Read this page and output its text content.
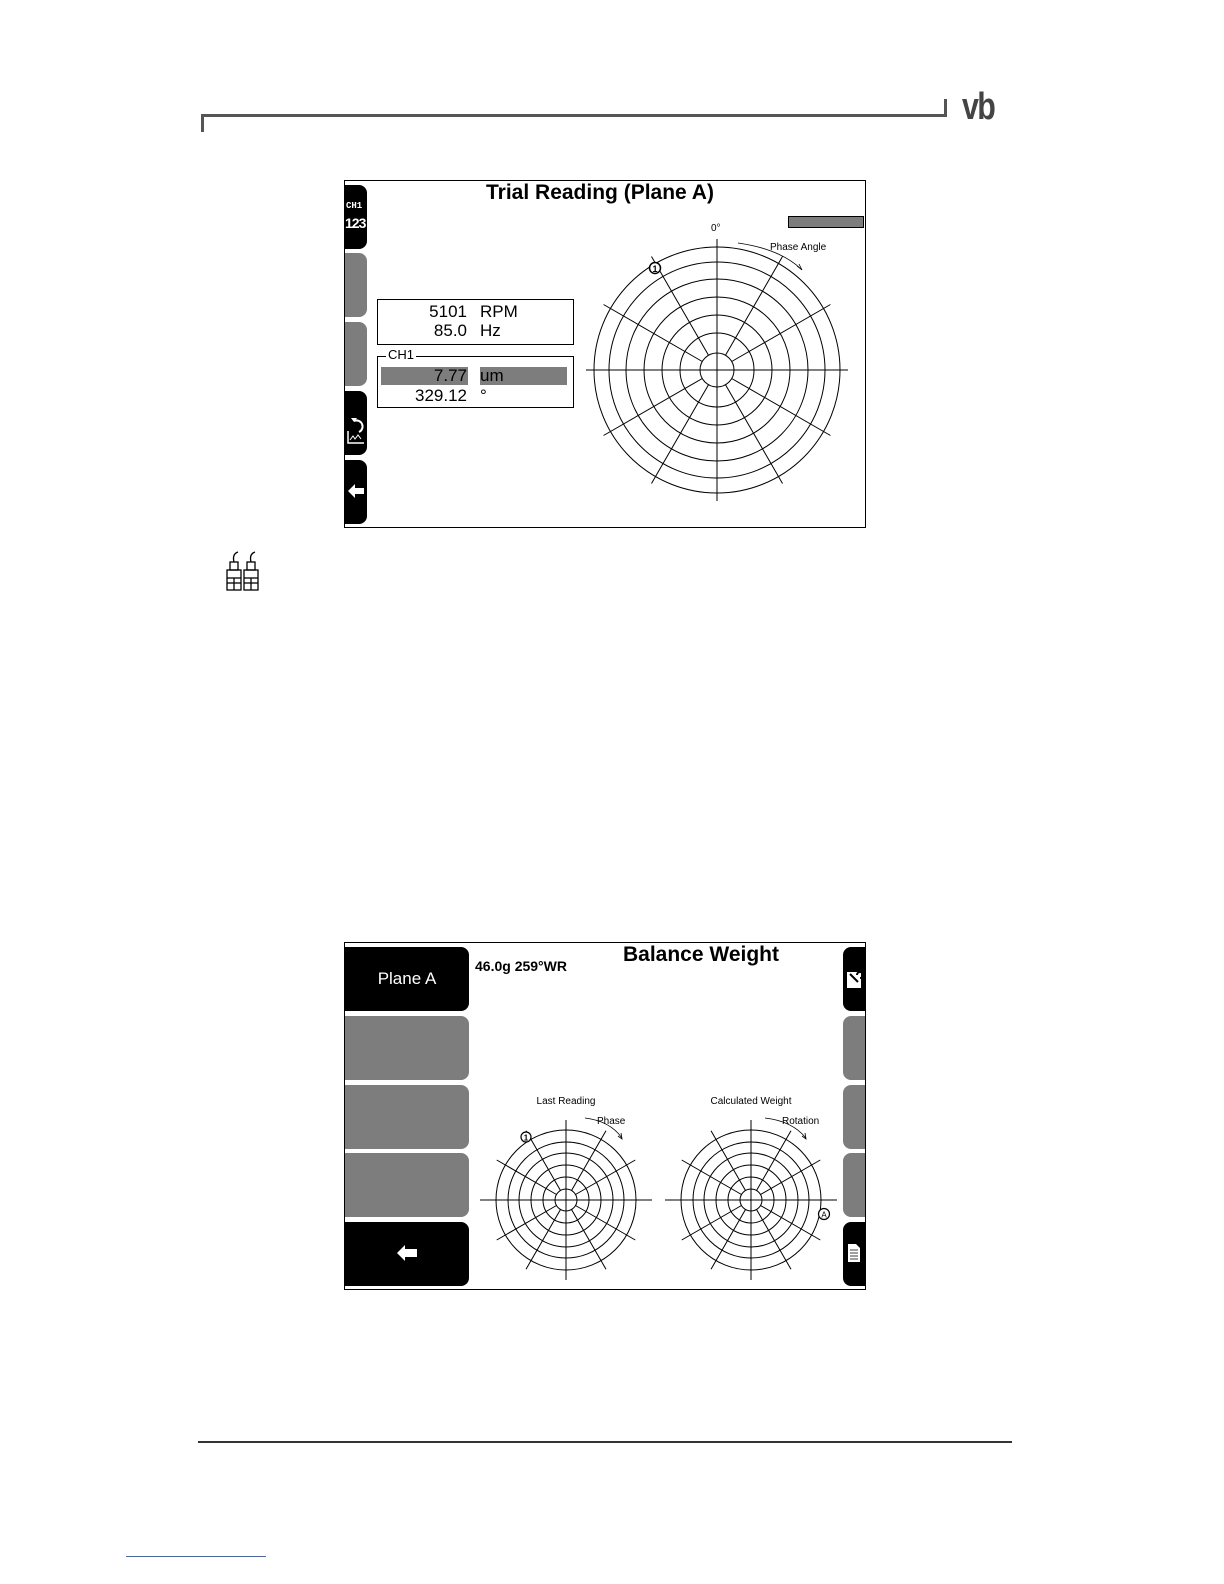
vb
CH1
123
Trial Reading (Plane A)
5101 RPM
85.0 Hz
CH1
7.77 um
329.12 °
0°
Phase Angle
1
Plane A
46.0g 259°WR	Balance Weight
Last Reading
Phase
1
Calculated Weight
Rotation
A
